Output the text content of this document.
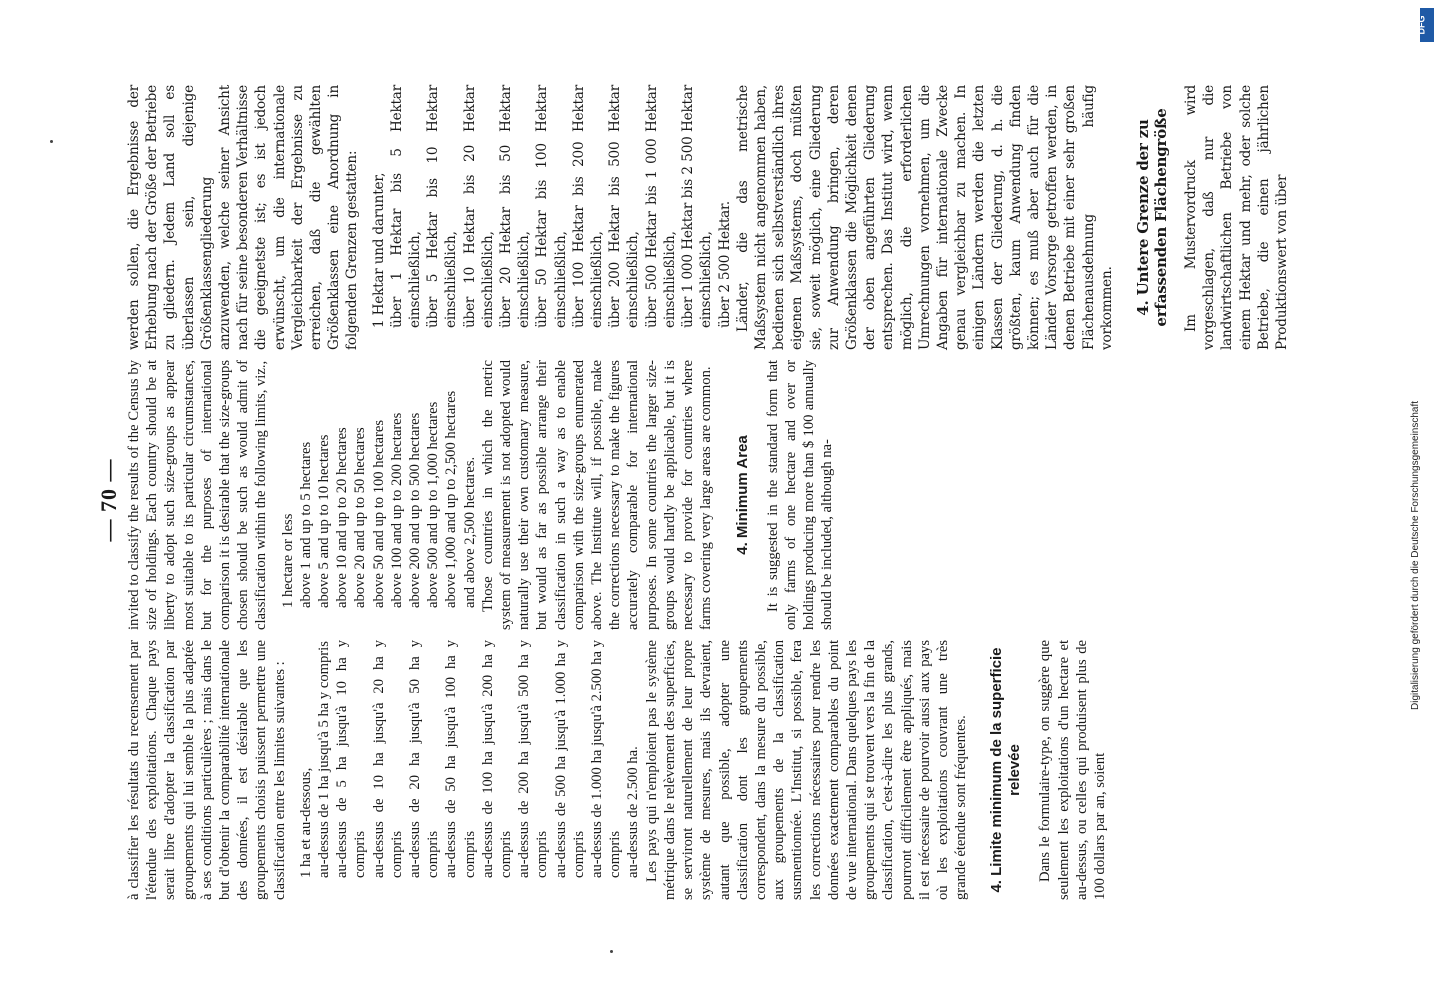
— 70 —

à classifier les résultats du recensement par l'étendue des exploitations. Chaque pays serait libre d'adopter la classification par groupements qui lui semble la plus adaptée à ses conditions particulières ; mais dans le but d'obtenir la comparabilité internationale des données, il est désirable que les groupements choisis puissent permettre une classification entre les limites suivantes : 1 ha et au-dessous, au-dessus de 1 ha jusqu'à 5 ha y compris au-dessus de 5 ha jusqu'à 10 ha y compris au-dessus de 10 ha jusqu'à 20 ha y compris au-dessus de 20 ha jusqu'à 50 ha y compris au-dessus de 50 ha jusqu'à 100 ha y compris au-dessus de 100 ha jusqu'à 200 ha y compris au-dessus de 200 ha jusqu'à 500 ha y compris au-dessus de 500 ha jusqu'à 1.000 ha y compris au-dessus de 1.000 ha jusqu'à 2.500 ha y compris au-dessus de 2.500 ha. Les pays qui n'emploient pas le système métrique dans le relèvement des superficies, se serviront naturellement de leur propre système de mesures, mais ils devraient, autant que possible, adopter une classification dont les groupements correspondent, dans la mesure du possible, aux groupements de la classification susmentionnée. L'Institut, si possible, fera les corrections nécessaires pour rendre les données exactement comparables du point de vue international. Dans quelques pays les groupements qui se trouvent vers la fin de la classification, c'est-à-dire les plus grands, pourront difficilement être appliqués, mais il est nécessaire de pourvoir aussi aux pays où les exploitations couvrant une très grande étendue sont fréquentes. 4. Limite minimum de la superficie relevée Dans le formulaire-type, on suggère que seulement les exploitations d'un hectare et au-dessus, ou celles qui produisent plus de 100 dollars par an, soient

invited to classify the results of the Census by size of holdings. Each country should be at liberty to adopt such size-groups as appear most suitable to its particular circumstances, but for the purposes of international comparison it is desirable that the size-groups chosen should be such as would admit of classification within the following limits, viz., 1 hectare or less above 1 and up to 5 hectares above 5 and up to 10 hectares above 10 and up to 20 hectares above 20 and up to 50 hectares above 50 and up to 100 hectares above 100 and up to 200 hectares above 200 and up to 500 hectares above 500 and up to 1,000 hectares above 1,000 and up to 2,500 hectares and above 2,500 hectares. Those countries in which the metric system of measurement is not adopted would naturally use their own customary measure, but would as far as possible arrange their classification in such a way as to enable comparison with the size-groups enumerated above. The Institute will, if possible, make the corrections necessary to make the figures accurately comparable for international purposes. In some countries the larger size-groups would hardly be applicable, but it is necessary to provide for countries where farms covering very large areas are common. 4. Minimum Area It is suggested in the standard form that only farms of one hectare and over or holdings producing more than $ 100 annually should be included, although na-

werden sollen, die Ergebnisse der Erhebung nach der Größe der Betriebe zu gliedern. Jedem Land soll es überlassen sein, diejenige Größenklassengliederung anzuwenden, welche seiner Ansicht nach für seine besonderen Verhältnisse die geeignetste ist; es ist jedoch erwünscht, um die internationale Vergleichbarkeit der Ergebnisse zu erreichen, daß die gewählten Größenklassen eine Anordnung in folgenden Grenzen gestatten: 1 Hektar und darunter, über 1 Hektar bis 5 Hektar einschließlich, über 5 Hektar bis 10 Hektar einschließlich, über 10 Hektar bis 20 Hektar einschließlich, über 20 Hektar bis 50 Hektar einschließlich, über 50 Hektar bis 100 Hektar einschließlich, über 100 Hektar bis 200 Hektar einschließlich, über 200 Hektar bis 500 Hektar einschließlich, über 500 Hektar bis 1 000 Hektar einschließlich, über 1 000 Hektar bis 2 500 Hektar einschließlich, über 2 500 Hektar. Länder, die das metrische Maßsystem nicht angenommen haben, bedienen sich selbstverständlich ihres eigenen Maßsystems, doch müßten sie, soweit möglich, eine Gliederung zur Anwendung bringen, deren Größenklassen die Möglichkeit denen der oben angeführten Gliederung entsprechen. Das Institut wird, wenn möglich, die erforderlichen Umrechnungen vornehmen, um die Angaben für internationale Zwecke genau vergleichbar zu machen. In einigen Ländern werden die letzten Klassen der Gliederung, d. h. die größten, kaum Anwendung finden können; es muß aber auch für die Länder Vorsorge getroffen werden, in denen Betriebe mit einer sehr großen Flächenausdehnung häufig vorkommen. 4. Untere Grenze der zu erfassenden Flächengröße Im Mustervordruck wird vorgeschlagen, daß nur die landwirtschaftlichen Betriebe von einem Hektar und mehr, oder solche Betriebe, die einen jährlichen Produktionswert von über

DFG
Digitalisierung gefördert durch die Deutsche Forschungsgemeinschaft
